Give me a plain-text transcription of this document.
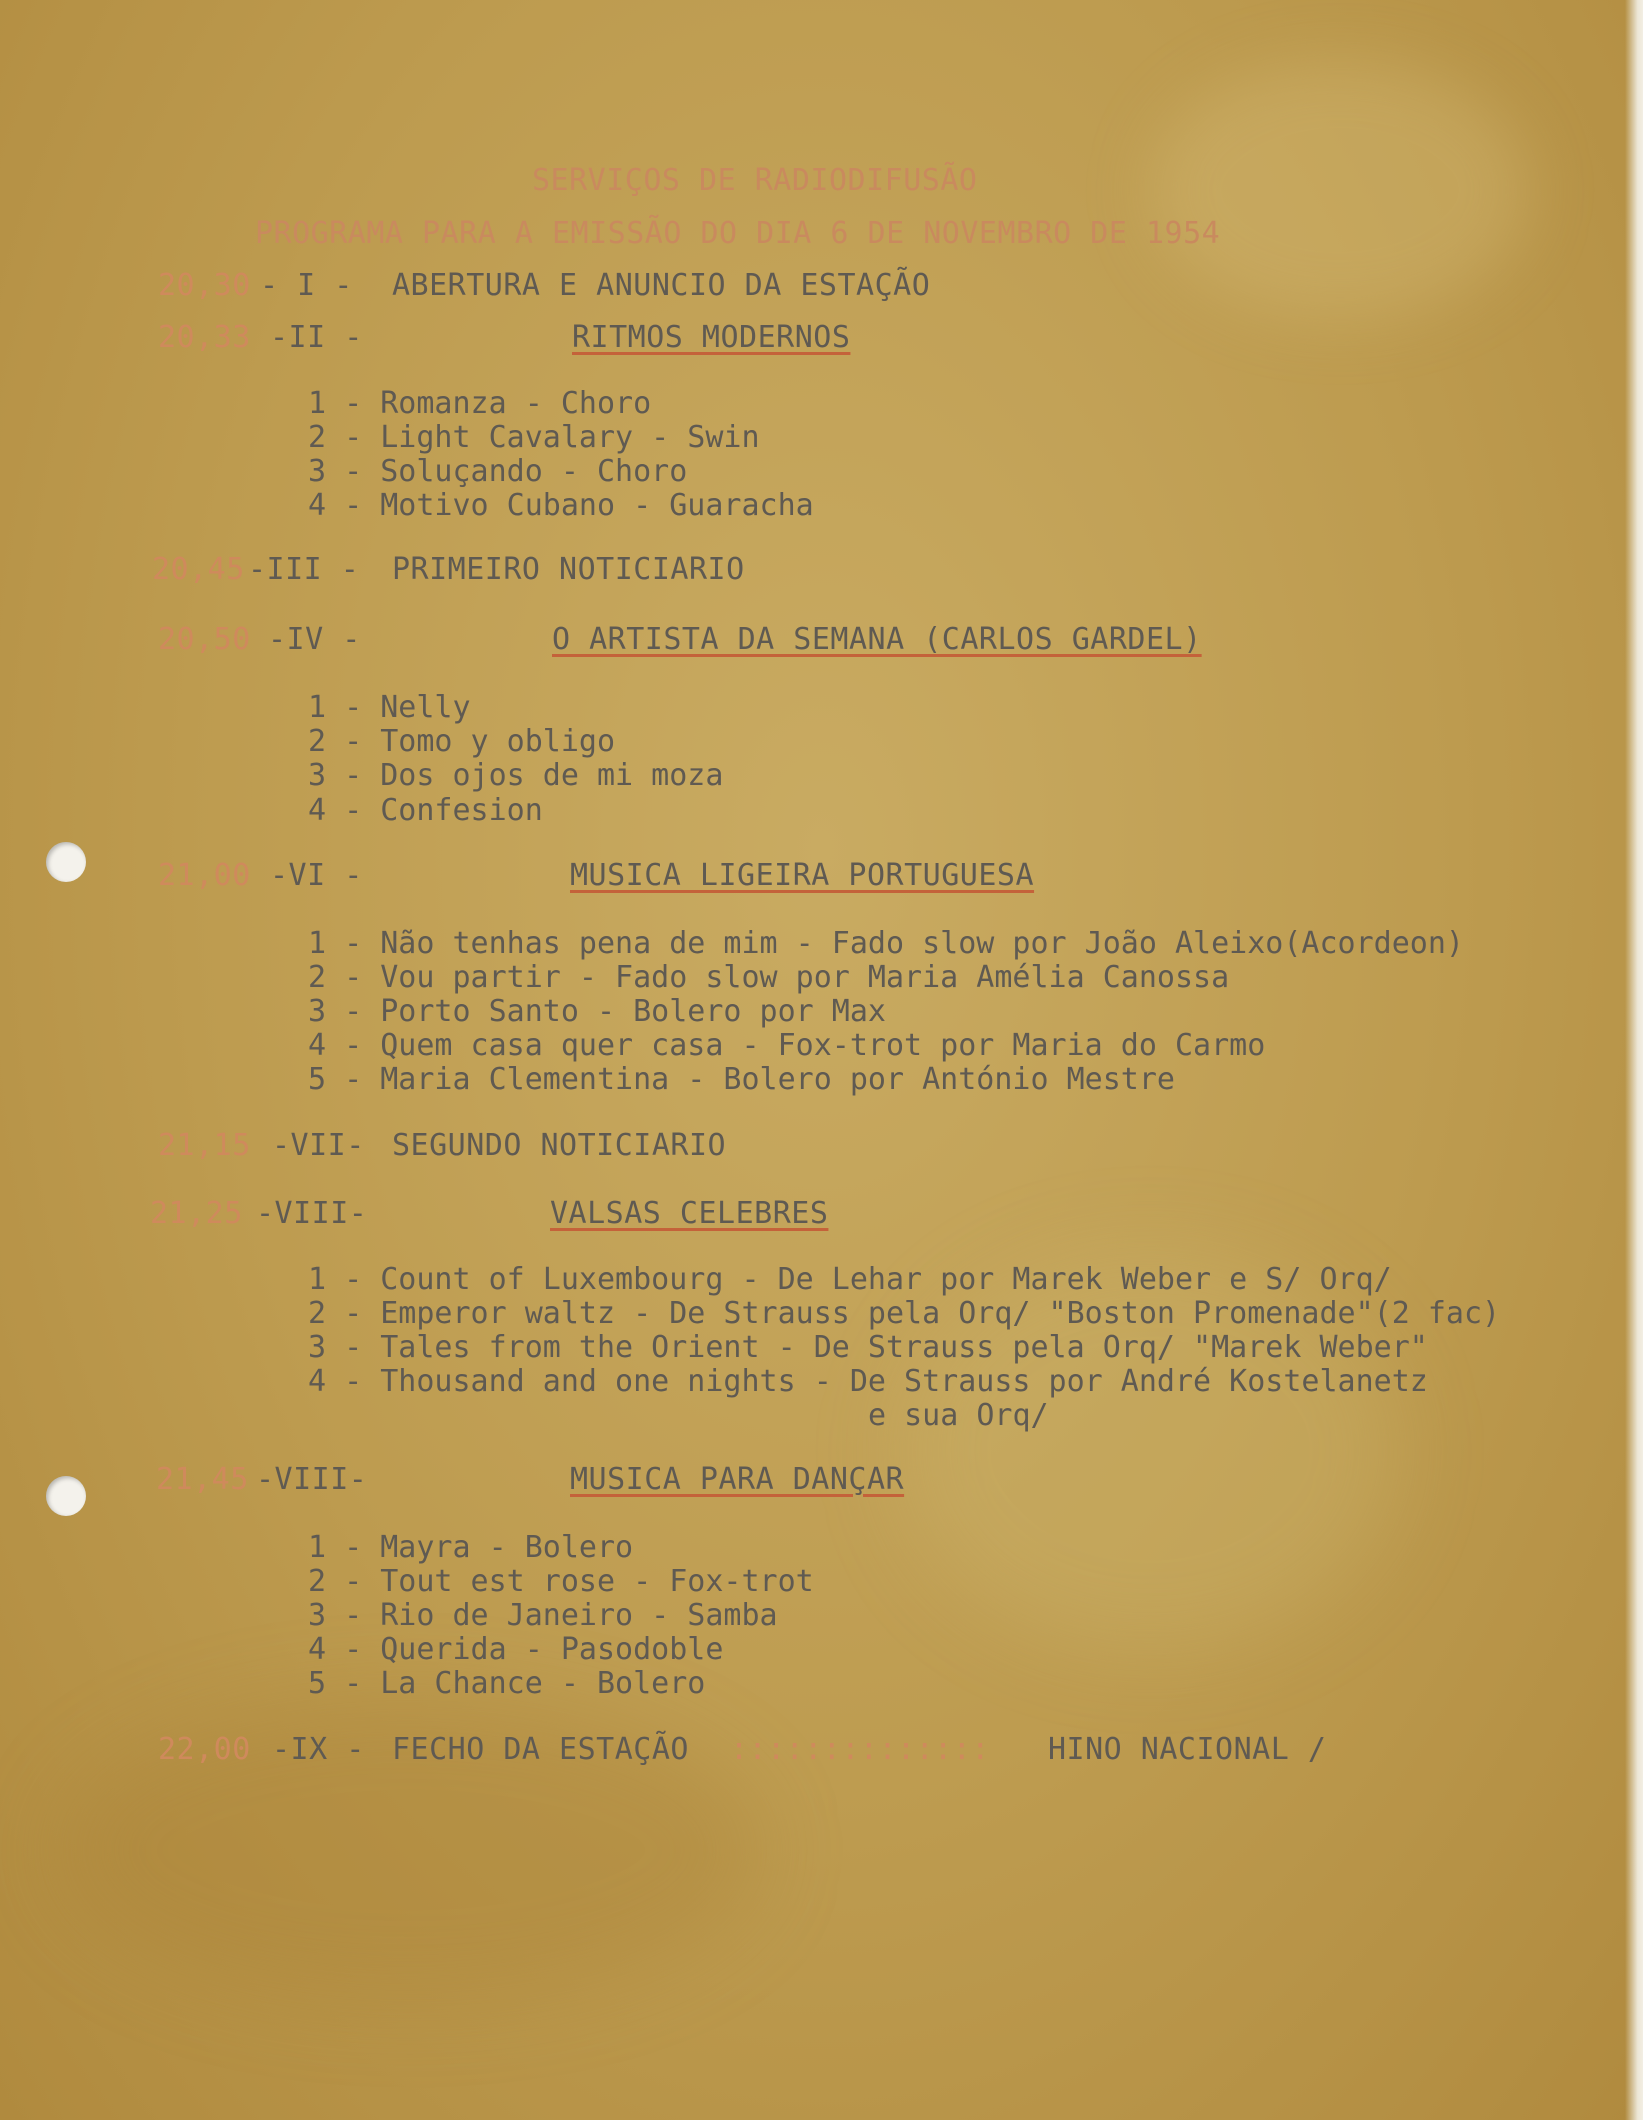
SERVIÇOS DE RADIODIFUSÃO
PROGRAMA PARA A EMISSÃO DO DIA 6 DE NOVEMBRO DE 1954
20,30 - I - ABERTURA E ANUNCIO DA ESTAÇÃO
20,33 -II -	RITMOS MODERNOS
1 - Romanza - Choro
2 - Light Cavalary - Swin
3 - Soluçando - Choro
4 - Motivo Cubano - Guaracha
20,45 -III - PRIMEIRO NOTICIARIO
20,50 -IV -	O ARTISTA DA SEMANA (CARLOS GARDEL)
1 - Nelly
2 - Tomo y obligo
3 - Dos ojos de mi moza
4 - Confesion
21,00 -VI -	MUSICA LIGEIRA PORTUGUESA
1 - Não tenhas pena de mim - Fado slow por João Aleixo(Acordeon)
2 - Vou partir - Fado slow por Maria Amélia Canossa
3 - Porto Santo - Bolero por Max
4 - Quem casa quer casa - Fox-trot por Maria do Carmo
5 - Maria Clementina - Bolero por António Mestre
21,15 -VII- SEGUNDO NOTICIARIO
21,25 -VIII-	VALSAS CELEBRES
1 - Count of Luxembourg - De Lehar por Marek Weber e S/ Orq/
2 - Emperor waltz - De Strauss pela Orq/ "Boston Promenade"(2 fac)
3 - Tales from the Orient - De Strauss pela Orq/ "Marek Weber"
4 - Thousand and one nights - De Strauss por André Kostelanetz
e sua Orq/
21,45 -VIII-	MUSICA PARA DANÇAR
1 - Mayra - Bolero
2 - Tout est rose - Fox-trot
3 - Rio de Janeiro - Samba
4 - Querida - Pasodoble
5 - La Chance - Bolero
22,00 -IX - FECHO DA ESTAÇÃO :::::::::::::: HINO NACIONAL /
